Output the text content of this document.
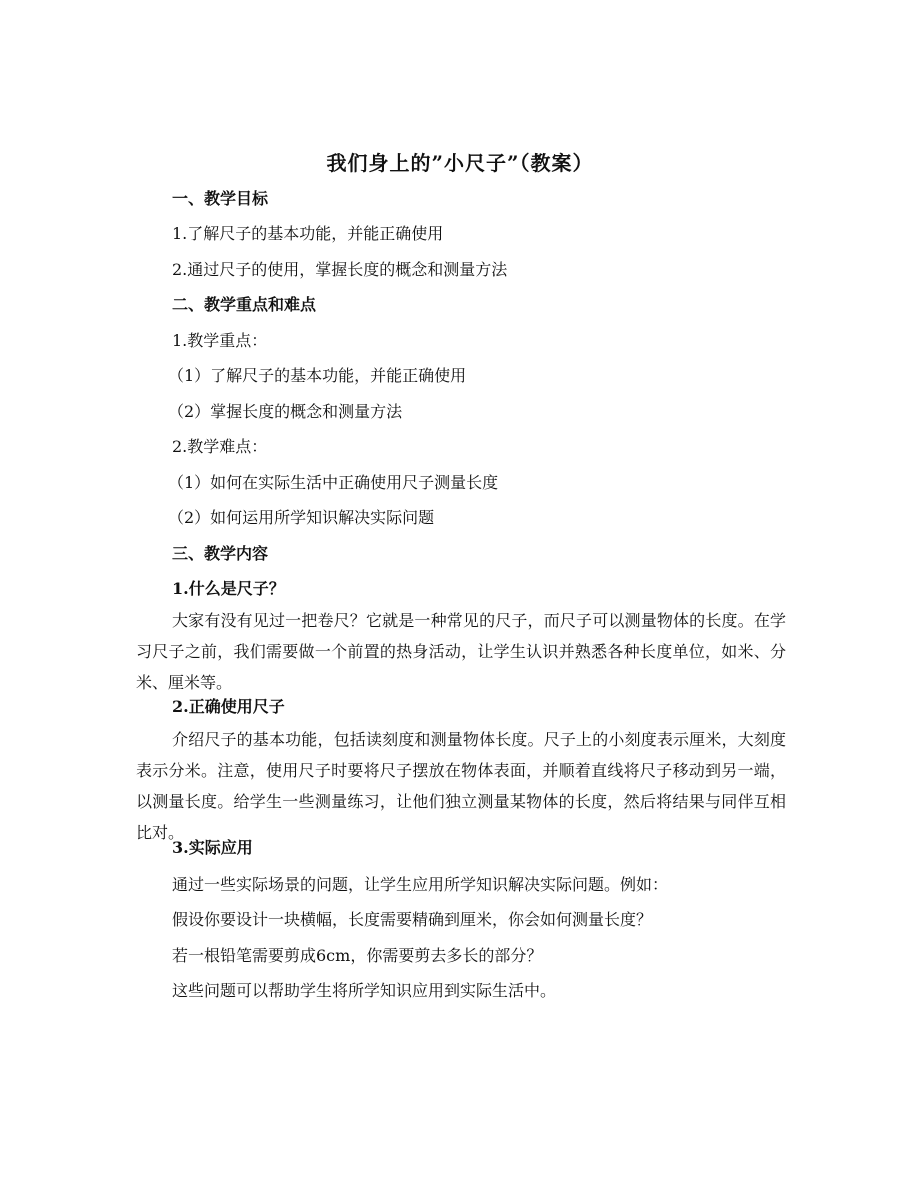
我们身上的”小尺子”（教案）
一、教学目标
1.了解尺子的基本功能，并能正确使用
2.通过尺子的使用，掌握长度的概念和测量方法
二、教学重点和难点
1.教学重点：
（1）了解尺子的基本功能，并能正确使用
（2）掌握长度的概念和测量方法
2.教学难点：
（1）如何在实际生活中正确使用尺子测量长度
（2）如何运用所学知识解决实际问题
三、教学内容
1.什么是尺子？
大家有没有见过一把卷尺？它就是一种常见的尺子，而尺子可以测量物体的长度。在学习尺子之前，我们需要做一个前置的热身活动，让学生认识并熟悉各种长度单位，如米、分米、厘米等。
2.正确使用尺子
介绍尺子的基本功能，包括读刻度和测量物体长度。尺子上的小刻度表示厘米，大刻度表示分米。注意，使用尺子时要将尺子摆放在物体表面，并顺着直线将尺子移动到另一端，以测量长度。给学生一些测量练习，让他们独立测量某物体的长度，然后将结果与同伴互相比对。
3.实际应用
通过一些实际场景的问题，让学生应用所学知识解决实际问题。例如：
假设你要设计一块横幅，长度需要精确到厘米，你会如何测量长度？
若一根铅笔需要剪成6cm，你需要剪去多长的部分？
这些问题可以帮助学生将所学知识应用到实际生活中。
